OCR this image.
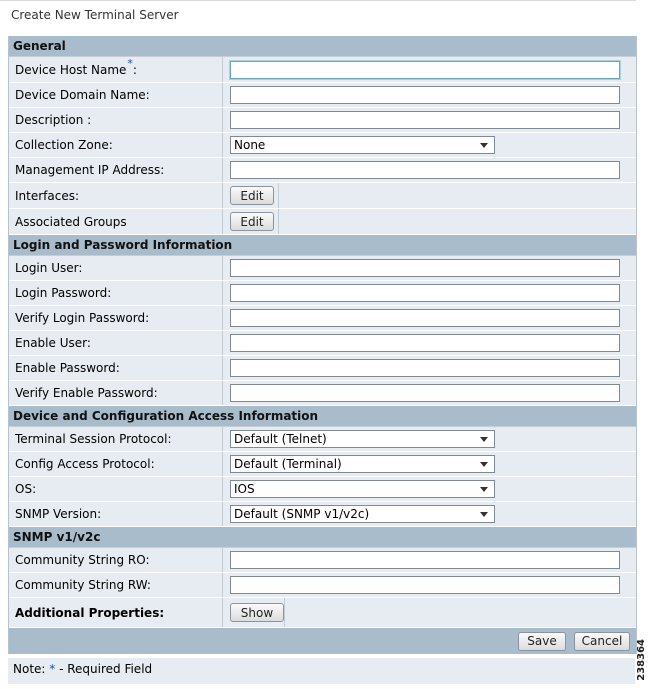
Create New Terminal Server
General
Device Host Name * :
Device Domain Name:
Description :
Collection Zone:	None
Management IP Address:
Interfaces:	Edit
Associated Groups	Edit
Login and Password Information
Login User:
Login Password:
Verify Login Password:
Enable User:
Enable Password:
Verify Enable Password:
Device and Configuration Access Information
Terminal Session Protocol:	Default (Telnet)
Config Access Protocol:	Default (Terminal)
OS:	IOS
SNMP Version:	Default (SNMP v1/v2c)
SNMP v1/v2c
Community String RO:
Community String RW:
Additional Properties:	Show
Save	Cancel
Note: * - Required Field	238364
